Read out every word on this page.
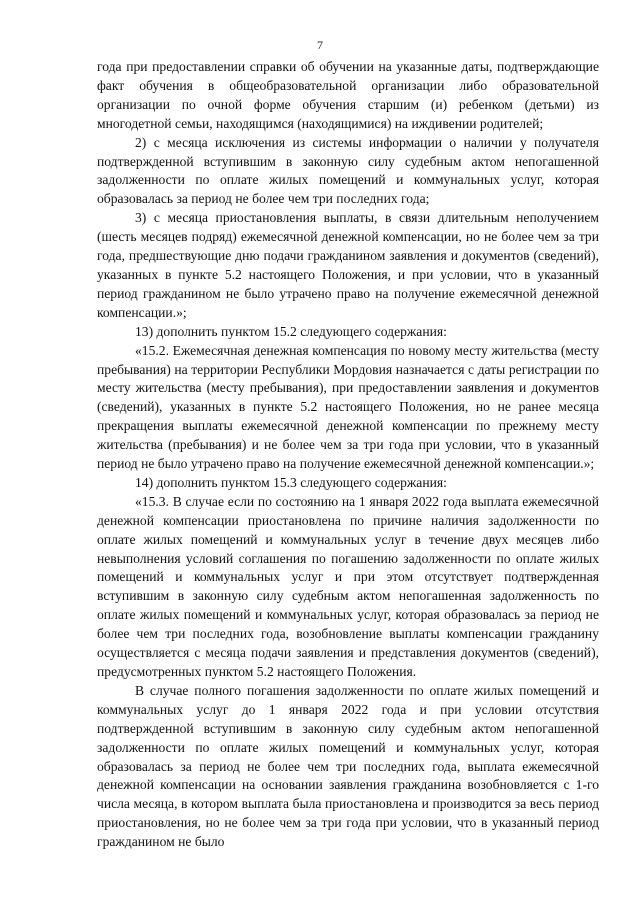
7

года при предоставлении справки об обучении на указанные даты, подтверждающие факт обучения в общеобразовательной организации либо образовательной организации по очной форме обучения старшим (и) ребенком (детьми) из многодетной семьи, находящимся (находящимися) на иждивении родителей;

2) с месяца исключения из системы информации о наличии у получателя подтвержденной вступившим в законную силу судебным актом непогашенной задолженности по оплате жилых помещений и коммунальных услуг, которая образовалась за период не более чем три последних года;

3) с месяца приостановления выплаты, в связи длительным неполучением (шесть месяцев подряд) ежемесячной денежной компенсации, но не более чем за три года, предшествующие дню подачи гражданином заявления и документов (сведений), указанных в пункте 5.2 настоящего Положения, и при условии, что в указанный период гражданином не было утрачено право на получение ежемесячной денежной компенсации.»;

13) дополнить пунктом 15.2 следующего содержания:

«15.2. Ежемесячная денежная компенсация по новому месту жительства (месту пребывания) на территории Республики Мордовия назначается с даты регистрации по месту жительства (месту пребывания), при предоставлении заявления и документов (сведений), указанных в пункте 5.2 настоящего Положения, но не ранее месяца прекращения выплаты ежемесячной денежной компенсации по прежнему месту жительства (пребывания) и не более чем за три года при условии, что в указанный период не было утрачено право на получение ежемесячной денежной компенсации.»;

14) дополнить пунктом 15.3 следующего содержания:

«15.3. В случае если по состоянию на 1 января 2022 года выплата ежемесячной денежной компенсации приостановлена по причине наличия задолженности по оплате жилых помещений и коммунальных услуг в течение двух месяцев либо невыполнения условий соглашения по погашению задолженности по оплате жилых помещений и коммунальных услуг и при этом отсутствует подтвержденная вступившим в законную силу судебным актом непогашенная задолженность по оплате жилых помещений и коммунальных услуг, которая образовалась за период не более чем три последних года, возобновление выплаты компенсации гражданину осуществляется с месяца подачи заявления и представления документов (сведений), предусмотренных пунктом 5.2 настоящего Положения.

В случае полного погашения задолженности по оплате жилых помещений и коммунальных услуг до 1 января 2022 года и при условии отсутствия подтвержденной вступившим в законную силу судебным актом непогашенной задолженности по оплате жилых помещений и коммунальных услуг, которая образовалась за период не более чем три последних года, выплата ежемесячной денежной компенсации на основании заявления гражданина возобновляется с 1-го числа месяца, в котором выплата была приостановлена и производится за весь период приостановления, но не более чем за три года при условии, что в указанный период гражданином не было
